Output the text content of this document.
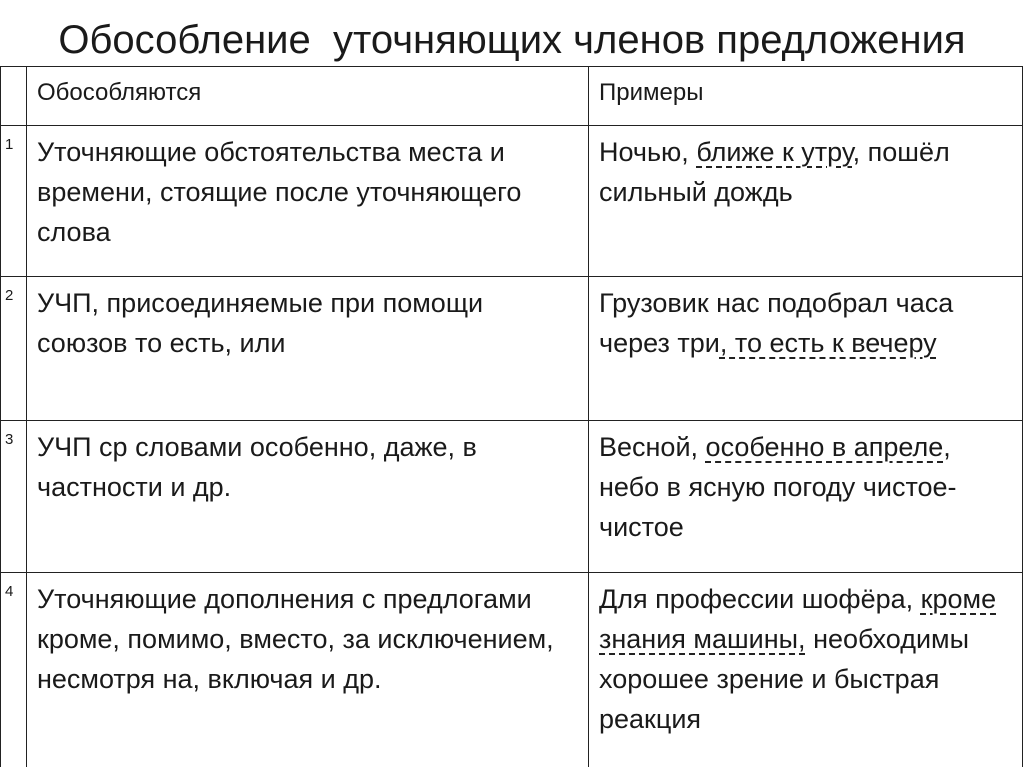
Обособление  уточняющих членов предложения

	Обособляются	Примеры

1	Уточняющие обстоятельства места и времени, стоящие после уточняющего слова	Ночью, ближе к утру, пошёл сильный дождь

2	УЧП, присоединяемые при помощи союзов то есть, или	Грузовик нас подобрал часа через три, то есть к вечеру

3	УЧП ср словами особенно, даже, в частности и др.	Весной, особенно в апреле, небо в ясную погоду чистое-чистое

4	Уточняющие дополнения с предлогами кроме, помимо, вместо, за исключением, несмотря на, включая и др.	Для профессии шофёра, кроме знания машины, необходимы хорошее зрение и быстрая реакция
